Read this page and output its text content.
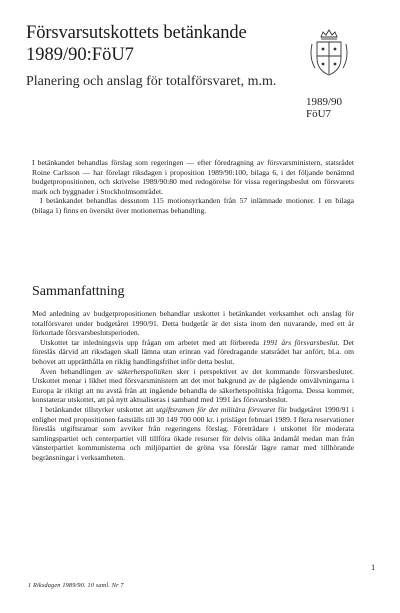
Försvarsutskottets betänkande
1989/90:FöU7
Planering och anslag för totalförsvaret, m.m.
1989/90
FöU7

I betänkandet behandlas förslag som regeringen — efter föredragning av försvarsministern, statsrådet Roine Carlsson — har förelagt riksdagen i proposition 1989/90:100, bilaga 6, i det följande benämnd budgetpropositionen, och skrivelse 1989/90:80 med redogörelse för vissa regeringsbeslut om försvarets mark och byggnader i Stockholmsområdet.

I betänkandet behandlas dessutom 115 motionsyrkanden från 57 inlämnade motioner. I en bilaga (bilaga 1) finns en översikt över motionernas behandling.

Sammanfattning

Med anledning av budgetpropositionen behandlar utskottet i betänkandet verksamhet och anslag för totalförsvaret under budgetåret 1990/91. Detta budgetår är det sista inom den nuvarande, med ett år förkortade försvarsbeslutsperioden.

Utskottet tar inledningsvis upp frågan om arbetet med att förbereda 1991 års försvarsbeslut. Det föreslås därvid att riksdagen skall lämna utan erinran vad föredragande statsrådet har anfört, bl.a. om behovet att upprätthålla en riklig handlingsfrihet inför detta beslut.

Även behandlingen av säkerhetspolitiken sker i perspektivet av det kommande försvarsbeslutet. Utskottet menar i likhet med försvarsministern att det mot bakgrund av de pågående omvälvningarna i Europa är riktigt att nu avstå från att ingående behandla de säkerhetspolitiska frågorna. Dessa kommer, konstaterar utskottet, att på nytt aktualiseras i samband med 1991 års försvarsbeslut.

I betänkandet tillstyrker utskottet att utgiftsramen för det militära försvaret för budgetåret 1990/91 i enlighet med propositionen fastställs till 30 149 700 000 kr. i prisläget februari 1989. I flera reservationer föreslås utgiftsramar som avviker från regeringens förslag. Företrädare i utskottet för moderata samlingspartiet och centerpartiet vill tillföra ökade resurser för delvis olika ändamål medan man från vänsterpartiet kommunisterna och miljöpartiet de gröna vsa föreslår lägre ramar med tillhörande begränsningar i verksamheten.

1
1 Riksdagen 1989/90. 10 saml. Nr 7
